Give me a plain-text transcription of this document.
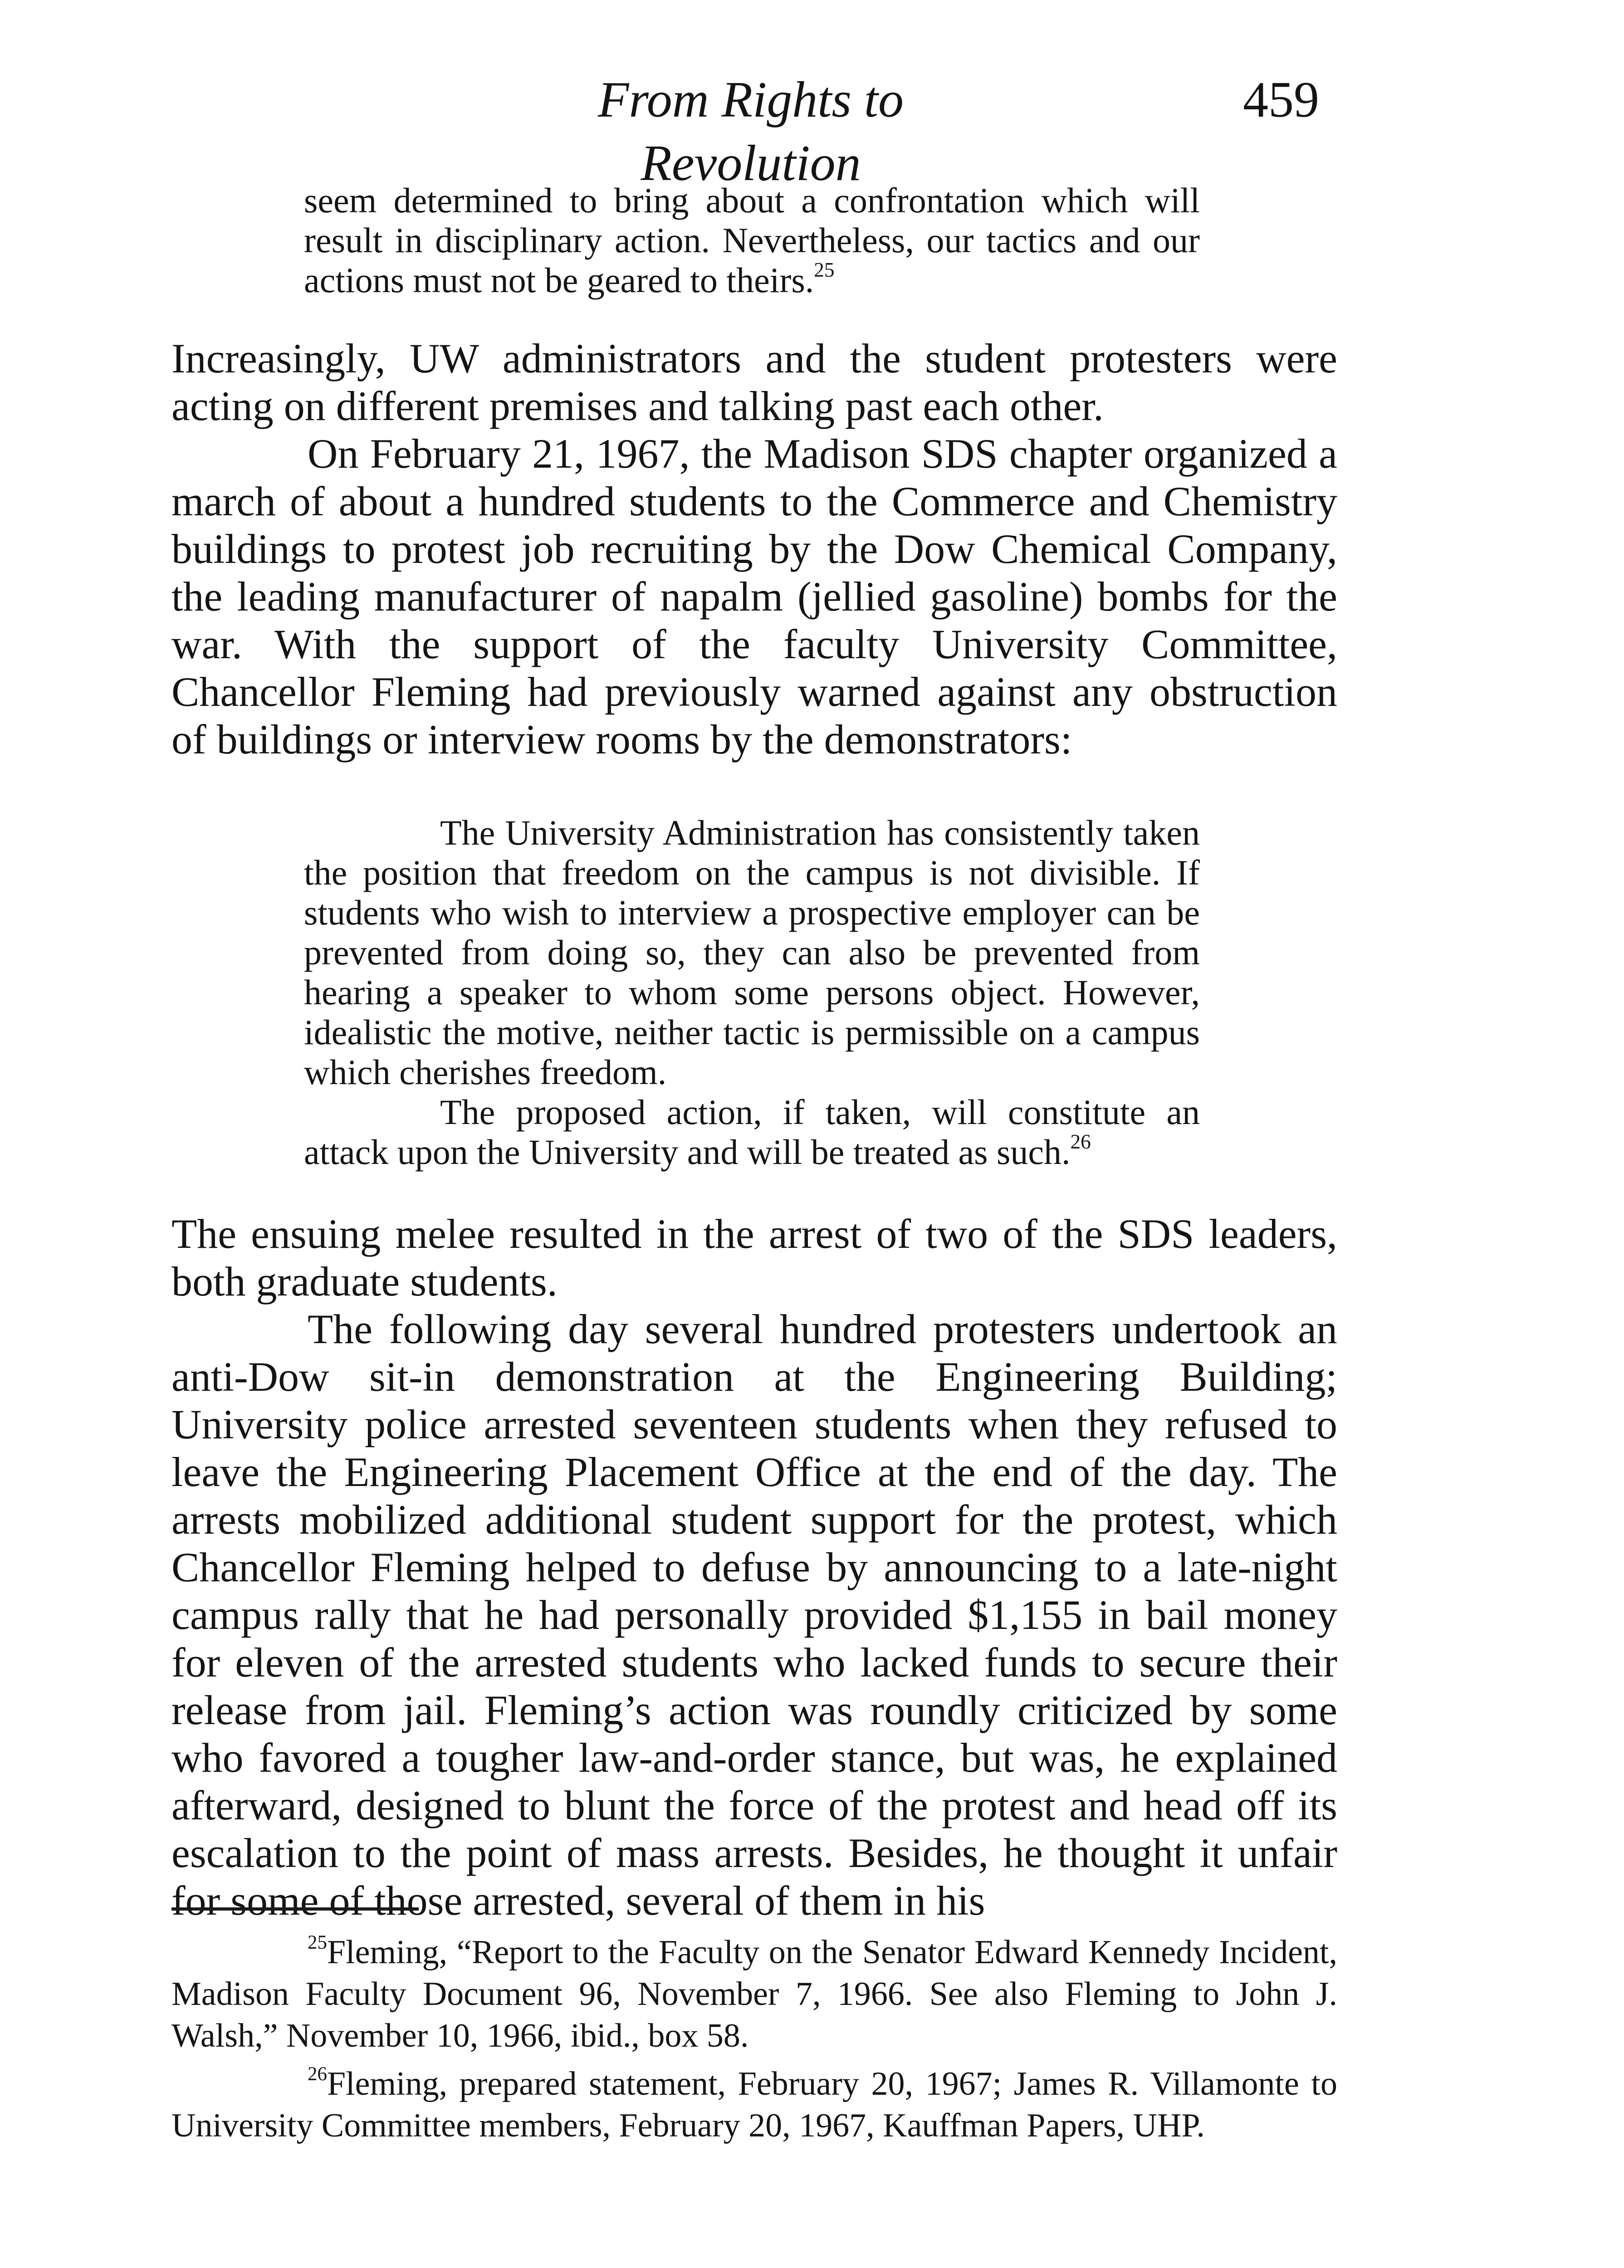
From Rights to Revolution
459

seem determined to bring about a confrontation which will result in disciplinary action. Nevertheless, our tactics and our actions must not be geared to theirs.$^{25}$

Increasingly, UW administrators and the student protesters were acting on different premises and talking past each other.

On February 21, 1967, the Madison SDS chapter organized a march of about a hundred students to the Commerce and Chemistry buildings to protest job recruiting by the Dow Chemical Company, the leading manufacturer of napalm (jellied gasoline) bombs for the war. With the support of the faculty University Committee, Chancellor Fleming had previously warned against any obstruction of buildings or interview rooms by the demonstrators:

The University Administration has consistently taken the position that freedom on the campus is not divisible. If students who wish to interview a prospective employer can be prevented from doing so, they can also be prevented from hearing a speaker to whom some persons object. However, idealistic the motive, neither tactic is permissible on a campus which cherishes freedom.

The proposed action, if taken, will constitute an attack upon the University and will be treated as such.$^{26}$

The ensuing melee resulted in the arrest of two of the SDS leaders, both graduate students.

The following day several hundred protesters undertook an anti-Dow sit-in demonstration at the Engineering Building; University police arrested seventeen students when they refused to leave the Engineering Placement Office at the end of the day. The arrests mobilized additional student support for the protest, which Chancellor Fleming helped to defuse by announcing to a late-night campus rally that he had personally provided $1,155 in bail money for eleven of the arrested students who lacked funds to secure their release from jail. Fleming’s action was roundly criticized by some who favored a tougher law-and-order stance, but was, he explained afterward, designed to blunt the force of the protest and head off its escalation to the point of mass arrests. Besides, he thought it unfair for some of those arrested, several of them in his

$^{25}$Fleming, “Report to the Faculty on the Senator Edward Kennedy Incident, Madison Faculty Document 96, November 7, 1966. See also Fleming to John J. Walsh,” November 10, 1966, ibid., box 58.

$^{26}$Fleming, prepared statement, February 20, 1967; James R. Villamonte to University Committee members, February 20, 1967, Kauffman Papers, UHP.
